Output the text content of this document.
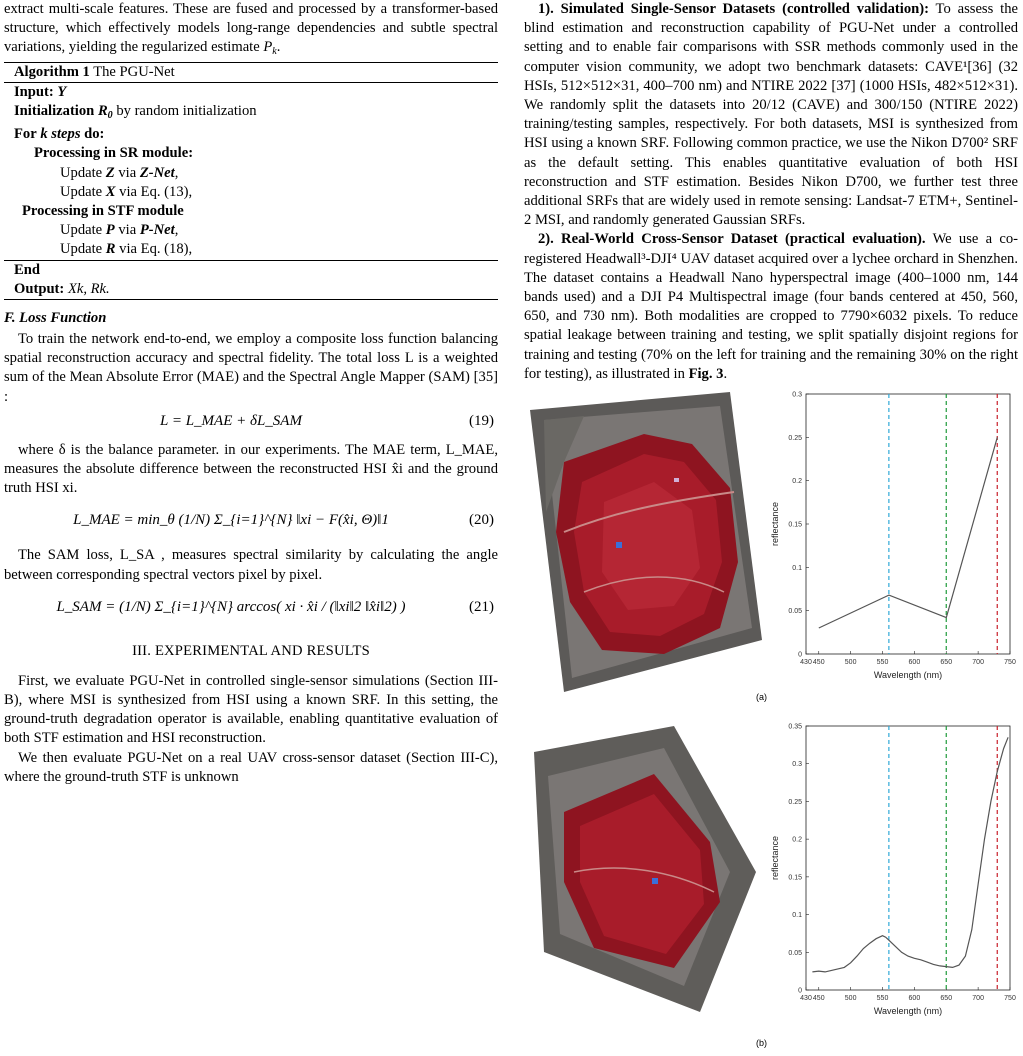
extract multi-scale features. These are fused and processed by a transformer-based structure, which effectively models long-range dependencies and subtle spectral variations, yielding the regularized estimate $P_k$.

Algorithm 1 The PGU-Net
Input: Y
Initialization $R_0$ by random initialization
For k steps do:
Processing in SR module:
Update Z via Z-Net,
Update X via Eq. (13),
Processing in STF module
Update P via P-Net,
Update R via Eq. (18),
End
Output: Xk, Rk.
F. Loss Function

To train the network end-to-end, we employ a composite loss function balancing spatial reconstruction accuracy and spectral fidelity. The total loss L is a weighted sum of the Mean Absolute Error (MAE) and the Spectral Angle Mapper (SAM) [35] :

L = L_MAE + δL_SAM	(19)

where δ is the balance parameter. in our experiments. The MAE term, L_MAE, measures the absolute difference between the reconstructed HSI x̂i and the ground truth HSI xi.

L_MAE = min_θ (1/N) Σ_{i=1}^{N} ‖xi − F(x̂i, Θ)‖1	(20)

The SAM loss, L_SA , measures spectral similarity by calculating the angle between corresponding spectral vectors pixel by pixel.

L_SAM = (1/N) Σ_{i=1}^{N} arccos( xi · x̂i / (‖xi‖2 ‖x̂i‖2) )	(21)
III. EXPERIMENTAL AND RESULTS

First, we evaluate PGU-Net in controlled single-sensor simulations (Section III-B), where MSI is synthesized from HSI using a known SRF. In this setting, the ground-truth degradation operator is available, enabling quantitative evaluation of both STF estimation and HSI reconstruction.

We then evaluate PGU-Net on a real UAV cross-sensor dataset (Section III-C), where the ground-truth STF is unknown

1). Simulated Single-Sensor Datasets (controlled validation): To assess the blind estimation and reconstruction capability of PGU-Net under a controlled setting and to enable fair comparisons with SSR methods commonly used in the computer vision community, we adopt two benchmark datasets: CAVE¹[36] (32 HSIs, 512×512×31, 400–700 nm) and NTIRE 2022 [37] (1000 HSIs, 482×512×31). We randomly split the datasets into 20/12 (CAVE) and 300/150 (NTIRE 2022) training/testing samples, respectively. For both datasets, MSI is synthesized from HSI using a known SRF. Following common practice, we use the Nikon D700² SRF as the default setting. This enables quantitative evaluation of both HSI reconstruction and STF estimation. Besides Nikon D700, we further test three additional SRFs that are widely used in remote sensing: Landsat-7 ETM+, Sentinel-2 MSI, and randomly generated Gaussian SRFs.

2). Real-World Cross-Sensor Dataset (practical evaluation). We use a co-registered Headwall³-DJI⁴ UAV dataset acquired over a lychee orchard in Shenzhen. The dataset contains a Headwall Nano hyperspectral image (400–1000 nm, 144 bands used) and a DJI P4 Multispectral image (four bands centered at 450, 560, 650, and 730 nm). Both modalities are cropped to 7790×6032 pixels. To reduce spatial leakage between training and testing, we split spatially disjoint regions for training and testing (70% on the left for training and the remaining 30% on the right for testing), as illustrated in Fig. 3.

0
0.05
0.1
0.15
0.2
0.25
0.3
430 450	500	550	600	650	700	750
Wavelength (nm)
reflectance
(a)
0
0.05
0.1
0.15
0.2
0.25
0.3
0.35
430 450	500	550	600	650	700	750
Wavelength (nm)
reflectance
(b)
